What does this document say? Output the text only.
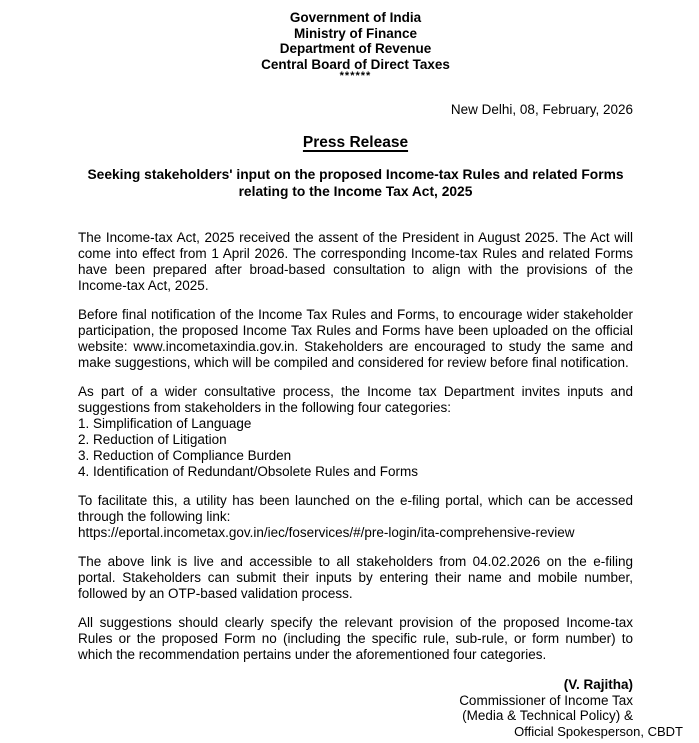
Government of India
Ministry of Finance
Department of Revenue
Central Board of Direct Taxes
******
New Delhi, 08, February, 2026
Press Release
Seeking stakeholders' input on the proposed Income-tax Rules and related Forms relating to the Income Tax Act, 2025

The Income-tax Act, 2025 received the assent of the President in August 2025. The Act will come into effect from 1 April 2026. The corresponding Income-tax Rules and related Forms have been prepared after broad-based consultation to align with the provisions of the Income-tax Act, 2025.

Before final notification of the Income Tax Rules and Forms, to encourage wider stakeholder participation, the proposed Income Tax Rules and Forms have been uploaded on the official website: www.incometaxindia.gov.in. Stakeholders are encouraged to study the same and make suggestions, which will be compiled and considered for review before final notification.

As part of a wider consultative process, the Income tax Department invites inputs and suggestions from stakeholders in the following four categories:

1. Simplification of Language
2. Reduction of Litigation
3. Reduction of Compliance Burden
4. Identification of Redundant/Obsolete Rules and Forms

To facilitate this, a utility has been launched on the e-filing portal, which can be accessed through the following link:

https://eportal.incometax.gov.in/iec/foservices/#/pre-login/ita-comprehensive-review

The above link is live and accessible to all stakeholders from 04.02.2026 on the e-filing portal. Stakeholders can submit their inputs by entering their name and mobile number, followed by an OTP-based validation process.

All suggestions should clearly specify the relevant provision of the proposed Income-tax Rules or the proposed Form no (including the specific rule, sub-rule, or form number) to which the recommendation pertains under the aforementioned four categories.

(V. Rajitha)
Commissioner of Income Tax
(Media & Technical Policy) &
Official Spokesperson, CBDT
